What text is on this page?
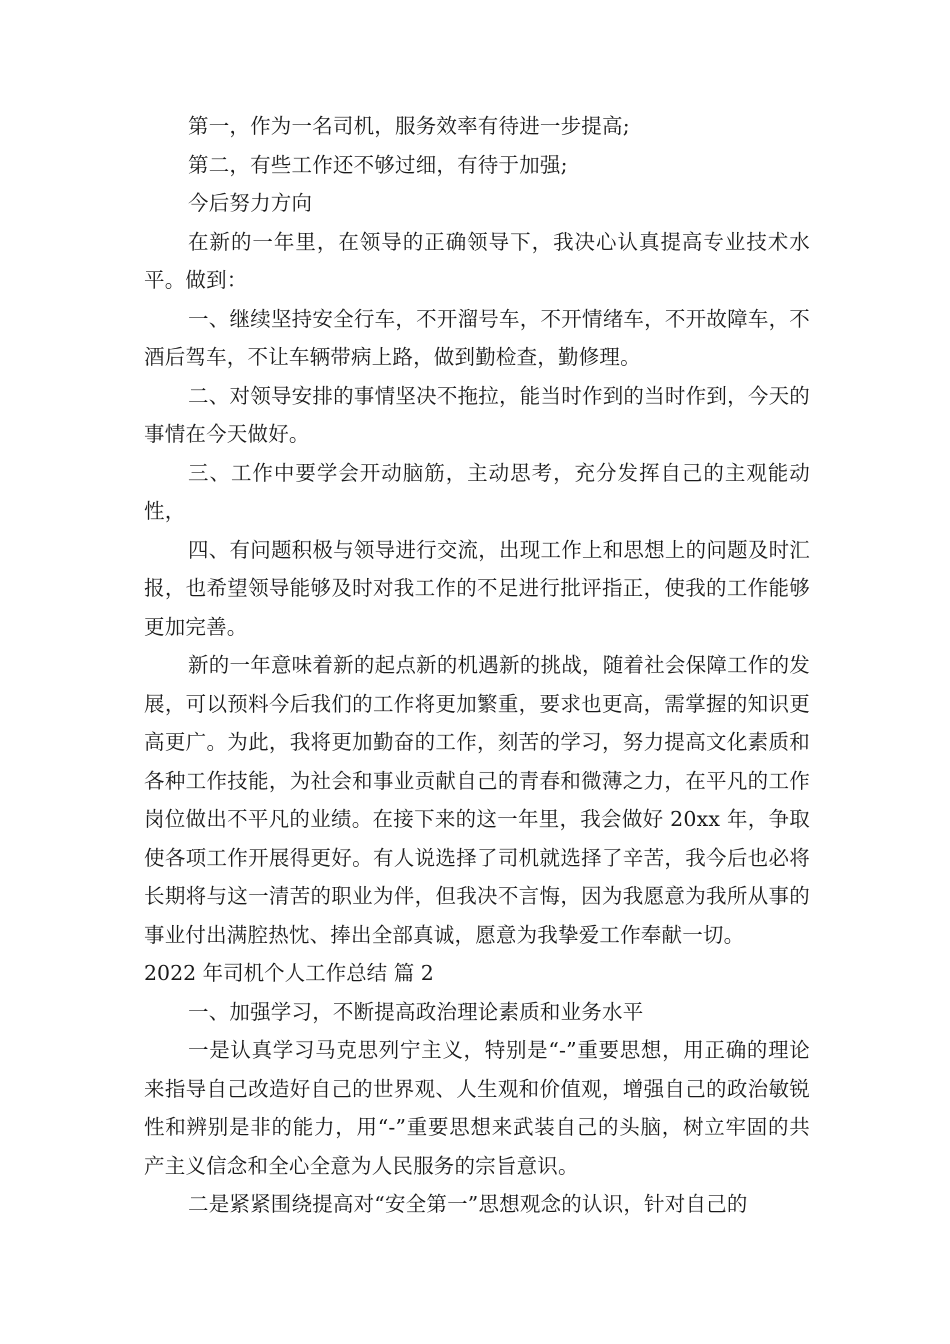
第一，作为一名司机，服务效率有待进一步提高;

第二，有些工作还不够过细，有待于加强;

今后努力方向

在新的一年里，在领导的正确领导下，我决心认真提高专业技术水平。做到：

一、继续坚持安全行车，不开溜号车，不开情绪车，不开故障车，不酒后驾车，不让车辆带病上路，做到勤检查，勤修理。

二、对领导安排的事情坚决不拖拉，能当时作到的当时作到，今天的事情在今天做好。

三、工作中要学会开动脑筋，主动思考，充分发挥自己的主观能动性，

四、有问题积极与领导进行交流，出现工作上和思想上的问题及时汇报，也希望领导能够及时对我工作的不足进行批评指正，使我的工作能够更加完善。

新的一年意味着新的起点新的机遇新的挑战，随着社会保障工作的发展，可以预料今后我们的工作将更加繁重，要求也更高，需掌握的知识更高更广。为此，我将更加勤奋的工作，刻苦的学习，努力提高文化素质和各种工作技能，为社会和事业贡献自己的青春和微薄之力，在平凡的工作岗位做出不平凡的业绩。在接下来的这一年里，我会做好 20xx 年，争取使各项工作开展得更好。有人说选择了司机就选择了辛苦，我今后也必将长期将与这一清苦的职业为伴，但我决不言悔，因为我愿意为我所从事的事业付出满腔热忱、捧出全部真诚，愿意为我挚爱工作奉献一切。

2022 年司机个人工作总结 篇 2

一、加强学习，不断提高政治理论素质和业务水平

一是认真学习马克思列宁主义，特别是“-”重要思想，用正确的理论来指导自己改造好自己的世界观、人生观和价值观，增强自己的政治敏锐性和辨别是非的能力，用“-”重要思想来武装自己的头脑，树立牢固的共产主义信念和全心全意为人民服务的宗旨意识。

二是紧紧围绕提高对“安全第一”思想观念的认识，针对自己的
